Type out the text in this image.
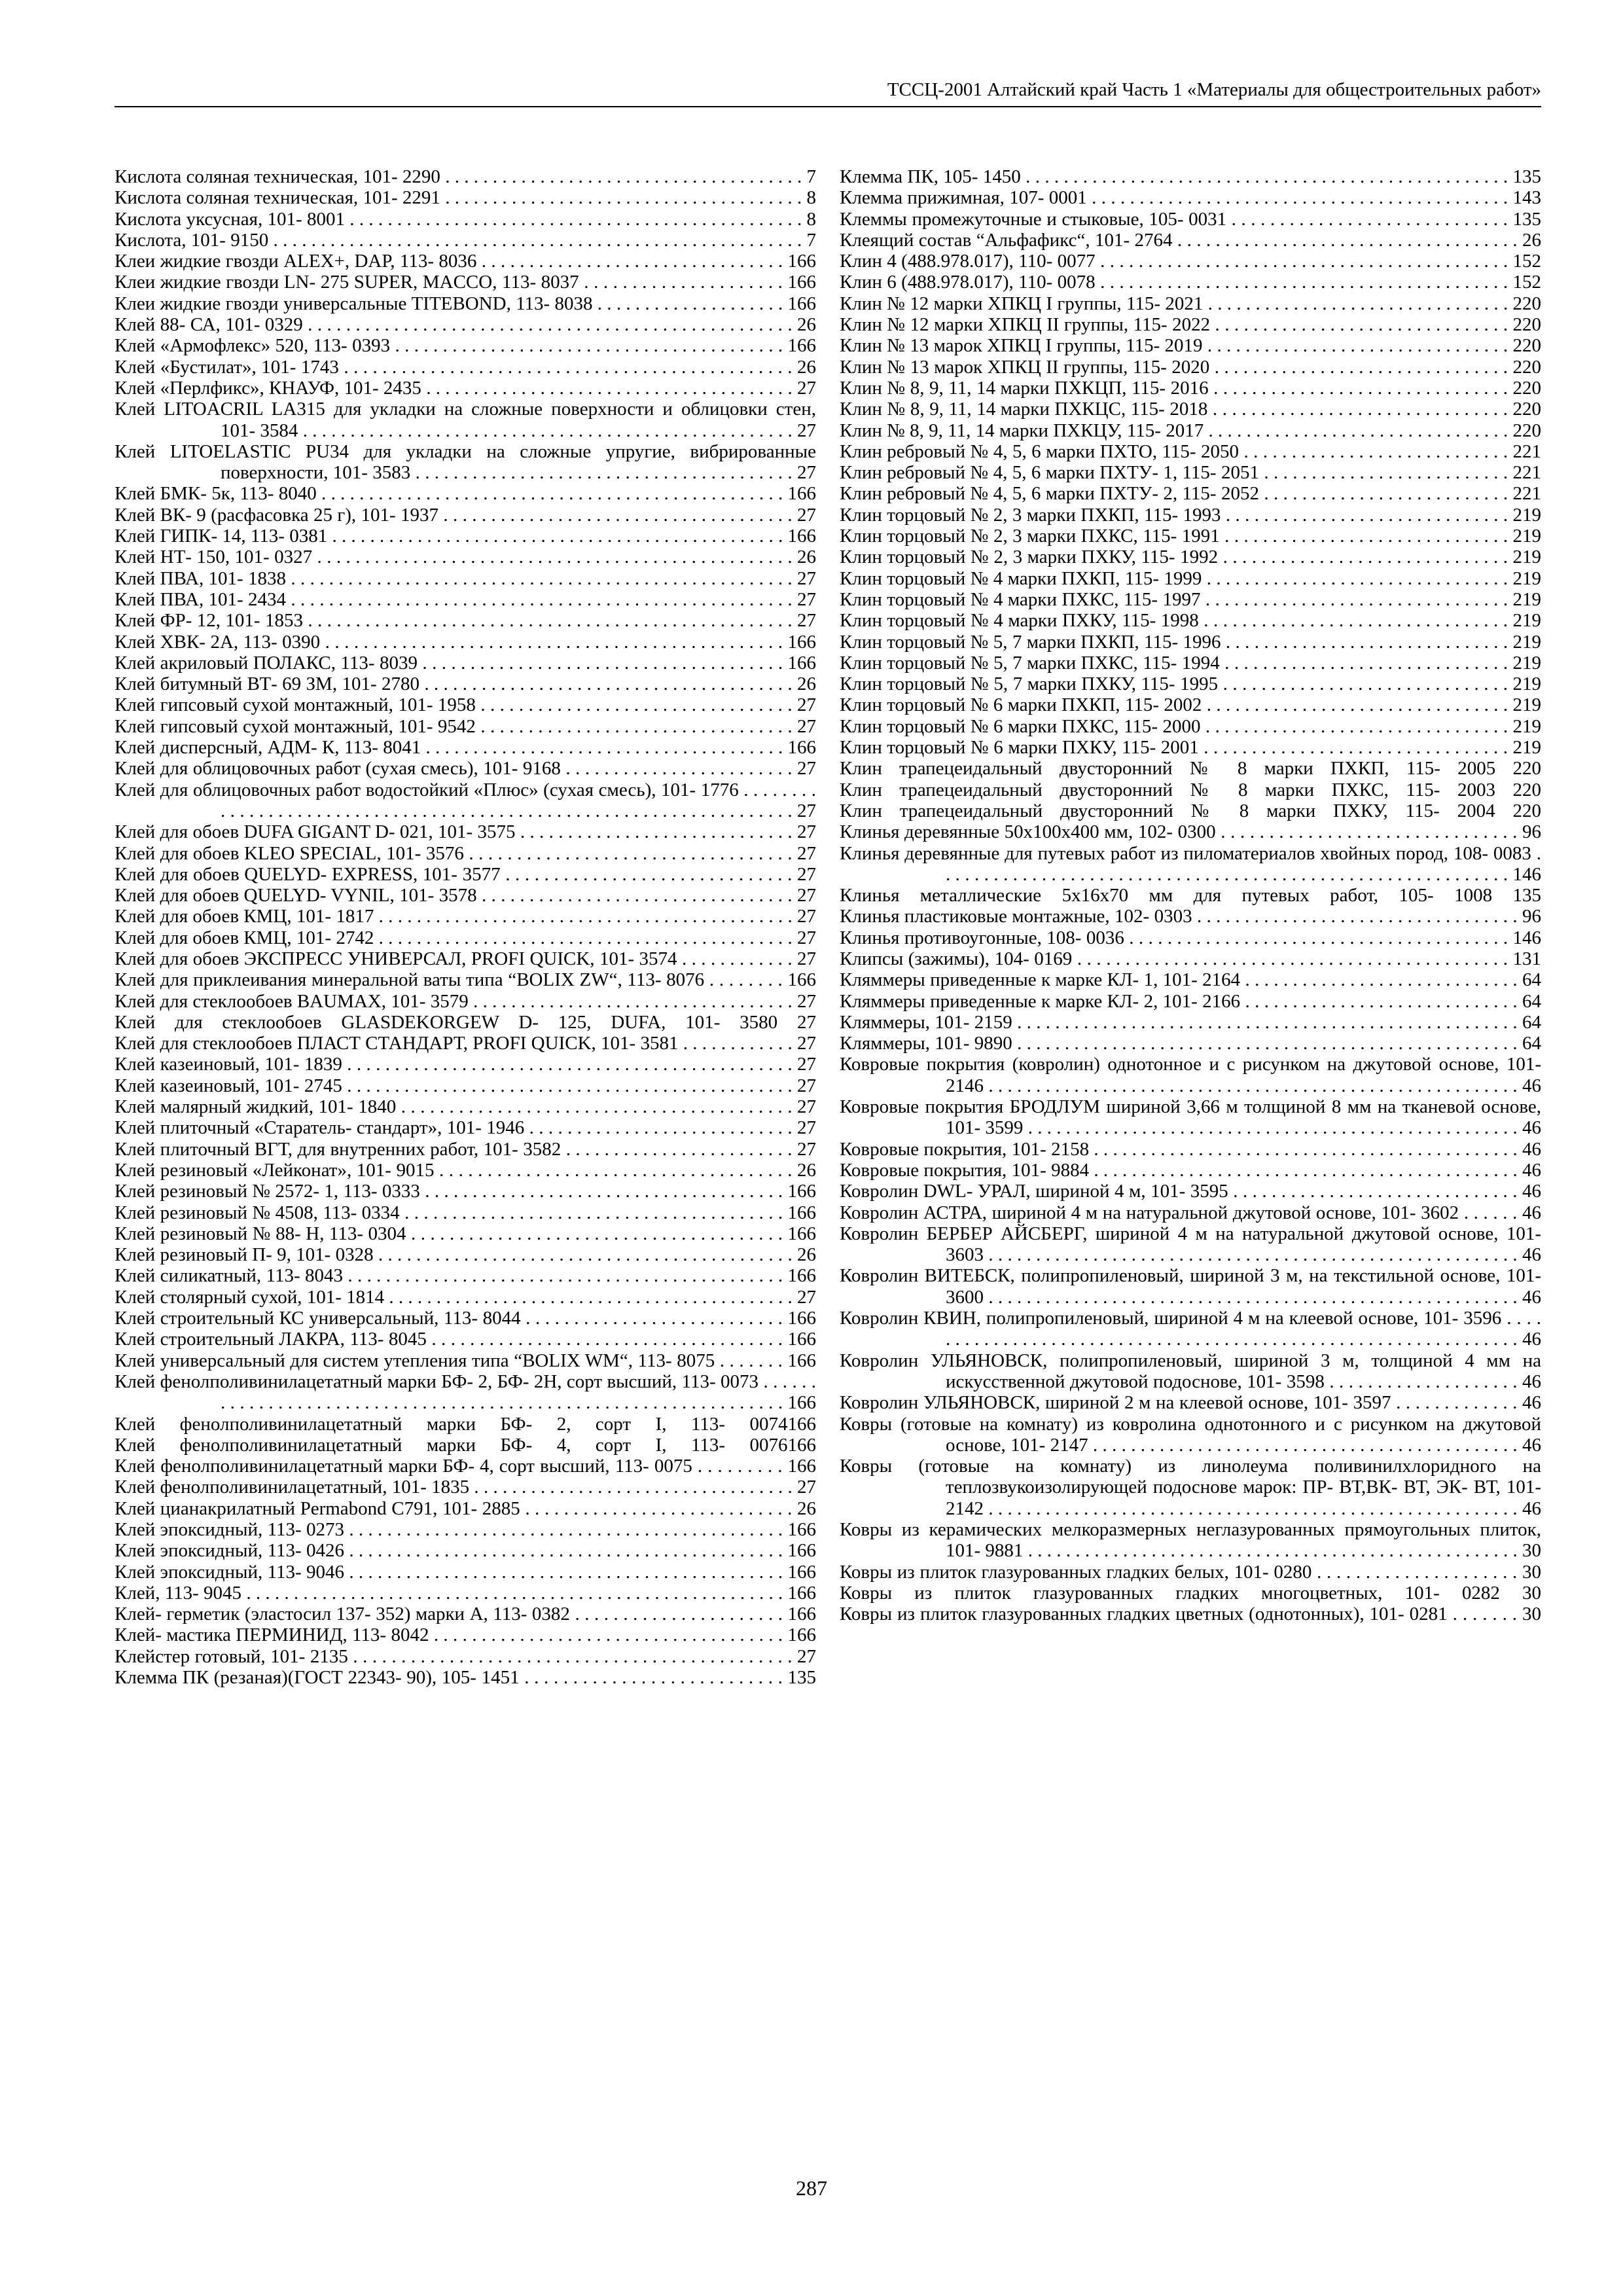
ТССЦ-2001 Алтайский край Часть 1 «Материалы для общестроительных работ»
Кислота соляная техническая, 101- 2290 . . . . . . . . . . . . . . . . . . . . . . . . . . . . . . . . . . . . . . 7
Кислота соляная техническая, 101- 2291 . . . . . . . . . . . . . . . . . . . . . . . . . . . . . . . . . . . . . . 8
Кислота уксусная, 101- 8001 . . . . . . . . . . . . . . . . . . . . . . . . . . . . . . . . . . . . . . . . . . . . . . . . 8
Кислота, 101- 9150 . . . . . . . . . . . . . . . . . . . . . . . . . . . . . . . . . . . . . . . . . . . . . . . . . . . . . . . . 7
Клеи жидкие гвозди ALEX+, DAP, 113- 8036 . . . . . . . . . . . . . . . . . . . . . . . . . . . . . . . . 166
Клеи жидкие гвозди LN- 275 SUPER, MACCO, 113- 8037 . . . . . . . . . . . . . . . . . . . . . 166
Клеи жидкие гвозди универсальные TITEBOND, 113- 8038 . . . . . . . . . . . . . . . . . . . . 166
Клей 88- СА, 101- 0329 . . . . . . . . . . . . . . . . . . . . . . . . . . . . . . . . . . . . . . . . . . . . . . . . . . . 26
Клей «Армофлекс» 520, 113- 0393 . . . . . . . . . . . . . . . . . . . . . . . . . . . . . . . . . . . . . . . . . 166
Клей «Бустилат», 101- 1743 . . . . . . . . . . . . . . . . . . . . . . . . . . . . . . . . . . . . . . . . . . . . . . . 26
Клей «Перлфикс», КНАУФ, 101- 2435 . . . . . . . . . . . . . . . . . . . . . . . . . . . . . . . . . . . . . . . 27
Клей LITOACRIL LA315 для укладки на сложные поверхности и облицовки стен, 101- 3584 . . . . . . . . . . . . . . . . . . . . . . . . . . . . . . . . . . . . . . . . . . . . . . . . . . . . 27
Клей LITOELASTIC PU34 для укладки на сложные упругие, вибрированные поверхности, 101- 3583 . . . . . . . . . . . . . . . . . . . . . . . . . . . . . . . . . . . . . . . . 27
Клей БМК- 5к, 113- 8040 . . . . . . . . . . . . . . . . . . . . . . . . . . . . . . . . . . . . . . . . . . . . . . . . . 166
Клей ВК- 9 (расфасовка 25 г), 101- 1937 . . . . . . . . . . . . . . . . . . . . . . . . . . . . . . . . . . . . . 27
Клей ГИПК- 14, 113- 0381 . . . . . . . . . . . . . . . . . . . . . . . . . . . . . . . . . . . . . . . . . . . . . . . . 166
Клей НТ- 150, 101- 0327 . . . . . . . . . . . . . . . . . . . . . . . . . . . . . . . . . . . . . . . . . . . . . . . . . . 26
Клей ПВА, 101- 1838 . . . . . . . . . . . . . . . . . . . . . . . . . . . . . . . . . . . . . . . . . . . . . . . . . . . . . 27
Клей ПВА, 101- 2434 . . . . . . . . . . . . . . . . . . . . . . . . . . . . . . . . . . . . . . . . . . . . . . . . . . . . . 27
Клей ФР- 12, 101- 1853 . . . . . . . . . . . . . . . . . . . . . . . . . . . . . . . . . . . . . . . . . . . . . . . . . . . 27
Клей ХВК- 2А, 113- 0390 . . . . . . . . . . . . . . . . . . . . . . . . . . . . . . . . . . . . . . . . . . . . . . . . 166
Клей акриловый ПОЛАКС, 113- 8039 . . . . . . . . . . . . . . . . . . . . . . . . . . . . . . . . . . . . . . 166
Клей битумный ВТ- 69 ЗМ, 101- 2780 . . . . . . . . . . . . . . . . . . . . . . . . . . . . . . . . . . . . . . . 26
Клей гипсовый сухой монтажный, 101- 1958 . . . . . . . . . . . . . . . . . . . . . . . . . . . . . . . . . 27
Клей гипсовый сухой монтажный, 101- 9542 . . . . . . . . . . . . . . . . . . . . . . . . . . . . . . . . . 27
Клей дисперсный, АДМ- К, 113- 8041 . . . . . . . . . . . . . . . . . . . . . . . . . . . . . . . . . . . . . . 166
Клей для облицовочных работ (сухая смесь), 101- 9168 . . . . . . . . . . . . . . . . . . . . . . . . 27
Клей для облицовочных работ водостойкий «Плюс» (сухая смесь), 101- 1776 . . . . . . . . . . . . . . . . . . . . . . . . . . . . . . . . . . . . . . . . . . . . . . . . . . . . . . . . . . . . . . . . . . . . 27
Клей для обоев DUFA GIGANT D- 021, 101- 3575 . . . . . . . . . . . . . . . . . . . . . . . . . . . . . 27
Клей для обоев KLEO SPECIAL, 101- 3576 . . . . . . . . . . . . . . . . . . . . . . . . . . . . . . . . . . 27
Клей для обоев QUELYD- EXPRESS, 101- 3577 . . . . . . . . . . . . . . . . . . . . . . . . . . . . . . 27
Клей для обоев QUELYD- VYNIL, 101- 3578 . . . . . . . . . . . . . . . . . . . . . . . . . . . . . . . . . 27
Клей для обоев КМЦ, 101- 1817 . . . . . . . . . . . . . . . . . . . . . . . . . . . . . . . . . . . . . . . . . . . . 27
Клей для обоев КМЦ, 101- 2742 . . . . . . . . . . . . . . . . . . . . . . . . . . . . . . . . . . . . . . . . . . . . 27
Клей для обоев ЭКСПРЕСС УНИВЕРСАЛ, PROFI QUICK, 101- 3574 . . . . . . . . . . . . 27
Клей для приклеивания минеральной ваты типа “BOLIX ZW“, 113- 8076 . . . . . . . . 166
Клей для стеклообоев BAUMAX, 101- 3579 . . . . . . . . . . . . . . . . . . . . . . . . . . . . . . . . . . 27
Клей для стеклообоев GLASDEKORGEW D- 125, DUFA, 101- 3580 27
Клей для стеклообоев ПЛАСТ СТАНДАРТ, PROFI QUICK, 101- 3581 . . . . . . . . . . . . 27
Клей казеиновый, 101- 1839 . . . . . . . . . . . . . . . . . . . . . . . . . . . . . . . . . . . . . . . . . . . . . . . 27
Клей казеиновый, 101- 2745 . . . . . . . . . . . . . . . . . . . . . . . . . . . . . . . . . . . . . . . . . . . . . . . 27
Клей малярный жидкий, 101- 1840 . . . . . . . . . . . . . . . . . . . . . . . . . . . . . . . . . . . . . . . . . 27
Клей плиточный «Старатель- стандарт», 101- 1946 . . . . . . . . . . . . . . . . . . . . . . . . . . . . 27
Клей плиточный ВГТ, для внутренних работ, 101- 3582 . . . . . . . . . . . . . . . . . . . . . . . . 27
Клей резиновый «Лейконат», 101- 9015 . . . . . . . . . . . . . . . . . . . . . . . . . . . . . . . . . . . . . 26
Клей резиновый № 2572- 1, 113- 0333 . . . . . . . . . . . . . . . . . . . . . . . . . . . . . . . . . . . . . . 166
Клей резиновый № 4508, 113- 0334 . . . . . . . . . . . . . . . . . . . . . . . . . . . . . . . . . . . . . . . . 166
Клей резиновый № 88- Н, 113- 0304 . . . . . . . . . . . . . . . . . . . . . . . . . . . . . . . . . . . . . . . 166
Клей резиновый П- 9, 101- 0328 . . . . . . . . . . . . . . . . . . . . . . . . . . . . . . . . . . . . . . . . . . . . 26
Клей силикатный, 113- 8043 . . . . . . . . . . . . . . . . . . . . . . . . . . . . . . . . . . . . . . . . . . . . . . 166
Клей столярный сухой, 101- 1814 . . . . . . . . . . . . . . . . . . . . . . . . . . . . . . . . . . . . . . . . . . . 27
Клей строительный КС универсальный, 113- 8044 . . . . . . . . . . . . . . . . . . . . . . . . . . . 166
Клей строительный ЛАКРА, 113- 8045 . . . . . . . . . . . . . . . . . . . . . . . . . . . . . . . . . . . . . 166
Клей универсальный для систем утепления типа “BOLIX WM“, 113- 8075 . . . . . . . 166
Клей фенолполивинилацетатный марки БФ- 2, БФ- 2Н, сорт высший, 113- 0073 . . . . . . . . . . . . . . . . . . . . . . . . . . . . . . . . . . . . . . . . . . . . . . . . . . . . . . . . . . . . . . . . . 166
Клей фенолполивинилацетатный марки БФ- 2, сорт I, 113- 0074166
Клей фенолполивинилацетатный марки БФ- 4, сорт I, 113- 0076166
Клей фенолполивинилацетатный марки БФ- 4, сорт высший, 113- 0075 . . . . . . . . . 166
Клей фенолполивинилацетатный, 101- 1835 . . . . . . . . . . . . . . . . . . . . . . . . . . . . . . . . . . 27
Клей цианакрилатный Permabond C791, 101- 2885 . . . . . . . . . . . . . . . . . . . . . . . . . . . . 26
Клей эпоксидный, 113- 0273 . . . . . . . . . . . . . . . . . . . . . . . . . . . . . . . . . . . . . . . . . . . . . . 166
Клей эпоксидный, 113- 0426 . . . . . . . . . . . . . . . . . . . . . . . . . . . . . . . . . . . . . . . . . . . . . . 166
Клей эпоксидный, 113- 9046 . . . . . . . . . . . . . . . . . . . . . . . . . . . . . . . . . . . . . . . . . . . . . . 166
Клей, 113- 9045 . . . . . . . . . . . . . . . . . . . . . . . . . . . . . . . . . . . . . . . . . . . . . . . . . . . . . . . . . 166
Клей- герметик (эластосил 137- 352) марки А, 113- 0382 . . . . . . . . . . . . . . . . . . . . . . 166
Клей- мастика ПЕРМИНИД, 113- 8042 . . . . . . . . . . . . . . . . . . . . . . . . . . . . . . . . . . . . . 166
Клейстер готовый, 101- 2135 . . . . . . . . . . . . . . . . . . . . . . . . . . . . . . . . . . . . . . . . . . . . . . 27
Клемма ПК (резаная)(ГОСТ 22343- 90), 105- 1451 . . . . . . . . . . . . . . . . . . . . . . . . . . . 135
Клемма ПК, 105- 1450 . . . . . . . . . . . . . . . . . . . . . . . . . . . . . . . . . . . . . . . . . . . . . . . . . . . 135
Клемма прижимная, 107- 0001 . . . . . . . . . . . . . . . . . . . . . . . . . . . . . . . . . . . . . . . . . . . . 143
Клеммы промежуточные и стыковые, 105- 0031 . . . . . . . . . . . . . . . . . . . . . . . . . . . . . 135
Клеящий состав “Альфафикс“, 101- 2764 . . . . . . . . . . . . . . . . . . . . . . . . . . . . . . . . . . . . 26
Клин 4 (488.978.017), 110- 0077 . . . . . . . . . . . . . . . . . . . . . . . . . . . . . . . . . . . . . . . . . . . 152
Клин 6 (488.978.017), 110- 0078 . . . . . . . . . . . . . . . . . . . . . . . . . . . . . . . . . . . . . . . . . . . 152
Клин № 12 марки ХПКЦ I группы, 115- 2021 . . . . . . . . . . . . . . . . . . . . . . . . . . . . . . . . 220
Клин № 12 марки ХПКЦ II группы, 115- 2022 . . . . . . . . . . . . . . . . . . . . . . . . . . . . . . . 220
Клин № 13 марок ХПКЦ I группы, 115- 2019 . . . . . . . . . . . . . . . . . . . . . . . . . . . . . . . . 220
Клин № 13 марок ХПКЦ II группы, 115- 2020 . . . . . . . . . . . . . . . . . . . . . . . . . . . . . . . 220
Клин № 8, 9, 11, 14 марки ПХКЦП, 115- 2016 . . . . . . . . . . . . . . . . . . . . . . . . . . . . . . . 220
Клин № 8, 9, 11, 14 марки ПХКЦС, 115- 2018 . . . . . . . . . . . . . . . . . . . . . . . . . . . . . . . 220
Клин № 8, 9, 11, 14 марки ПХКЦУ, 115- 2017 . . . . . . . . . . . . . . . . . . . . . . . . . . . . . . . . 220
Клин ребровый № 4, 5, 6 марки ПХТО, 115- 2050 . . . . . . . . . . . . . . . . . . . . . . . . . . . . 221
Клин ребровый № 4, 5, 6 марки ПХТУ- 1, 115- 2051 . . . . . . . . . . . . . . . . . . . . . . . . . . 221
Клин ребровый № 4, 5, 6 марки ПХТУ- 2, 115- 2052 . . . . . . . . . . . . . . . . . . . . . . . . . . 221
Клин торцовый № 2, 3 марки ПХКП, 115- 1993 . . . . . . . . . . . . . . . . . . . . . . . . . . . . . . 219
Клин торцовый № 2, 3 марки ПХКС, 115- 1991 . . . . . . . . . . . . . . . . . . . . . . . . . . . . . . 219
Клин торцовый № 2, 3 марки ПХКУ, 115- 1992 . . . . . . . . . . . . . . . . . . . . . . . . . . . . . . 219
Клин торцовый № 4 марки ПХКП, 115- 1999 . . . . . . . . . . . . . . . . . . . . . . . . . . . . . . . . 219
Клин торцовый № 4 марки ПХКС, 115- 1997 . . . . . . . . . . . . . . . . . . . . . . . . . . . . . . . . 219
Клин торцовый № 4 марки ПХКУ, 115- 1998 . . . . . . . . . . . . . . . . . . . . . . . . . . . . . . . . 219
Клин торцовый № 5, 7 марки ПХКП, 115- 1996 . . . . . . . . . . . . . . . . . . . . . . . . . . . . . . 219
Клин торцовый № 5, 7 марки ПХКС, 115- 1994 . . . . . . . . . . . . . . . . . . . . . . . . . . . . . . 219
Клин торцовый № 5, 7 марки ПХКУ, 115- 1995 . . . . . . . . . . . . . . . . . . . . . . . . . . . . . . 219
Клин торцовый № 6 марки ПХКП, 115- 2002 . . . . . . . . . . . . . . . . . . . . . . . . . . . . . . . . 219
Клин торцовый № 6 марки ПХКС, 115- 2000 . . . . . . . . . . . . . . . . . . . . . . . . . . . . . . . . 219
Клин торцовый № 6 марки ПХКУ, 115- 2001 . . . . . . . . . . . . . . . . . . . . . . . . . . . . . . . . 219
Клин трапецеидальный двусторонний № 8 марки ПХКП, 115- 2005 220
Клин трапецеидальный двусторонний № 8 марки ПХКС, 115- 2003 220
Клин трапецеидальный двусторонний № 8 марки ПХКУ, 115- 2004 220
Клинья деревянные 50х100х400 мм, 102- 0300 . . . . . . . . . . . . . . . . . . . . . . . . . . . . . . . 96
Клинья деревянные для путевых работ из пиломатериалов хвойных пород, 108- 0083 . . . . . . . . . . . . . . . . . . . . . . . . . . . . . . . . . . . . . . . . . . . . . . . . . . . . . . . . . . . . 146
Клинья металлические 5х16х70 мм для путевых работ, 105- 1008 135
Клинья пластиковые монтажные, 102- 0303 . . . . . . . . . . . . . . . . . . . . . . . . . . . . . . . . . . 96
Клинья противоугонные, 108- 0036 . . . . . . . . . . . . . . . . . . . . . . . . . . . . . . . . . . . . . . . . 146
Клипсы (зажимы), 104- 0169 . . . . . . . . . . . . . . . . . . . . . . . . . . . . . . . . . . . . . . . . . . . . . 131
Кляммеры приведенные к марке КЛ- 1, 101- 2164 . . . . . . . . . . . . . . . . . . . . . . . . . . . . . 64
Кляммеры приведенные к марке КЛ- 2, 101- 2166 . . . . . . . . . . . . . . . . . . . . . . . . . . . . . 64
Кляммеры, 101- 2159 . . . . . . . . . . . . . . . . . . . . . . . . . . . . . . . . . . . . . . . . . . . . . . . . . . . . . 64
Кляммеры, 101- 9890 . . . . . . . . . . . . . . . . . . . . . . . . . . . . . . . . . . . . . . . . . . . . . . . . . . . . . 64
Ковровые покрытия (ковролин) однотонное и с рисунком на джутовой основе, 101- 2146 . . . . . . . . . . . . . . . . . . . . . . . . . . . . . . . . . . . . . . . . . . . . . . . . . . . . . . . . 46
Ковровые покрытия БРОДЛУМ шириной 3,66 м толщиной 8 мм на тканевой основе, 101- 3599 . . . . . . . . . . . . . . . . . . . . . . . . . . . . . . . . . . . . . . . . . . . . . . . . . . . . 46
Ковровые покрытия, 101- 2158 . . . . . . . . . . . . . . . . . . . . . . . . . . . . . . . . . . . . . . . . . . . . . 46
Ковровые покрытия, 101- 9884 . . . . . . . . . . . . . . . . . . . . . . . . . . . . . . . . . . . . . . . . . . . . . 46
Ковролин DWL- УРАЛ, шириной 4 м, 101- 3595 . . . . . . . . . . . . . . . . . . . . . . . . . . . . . . 46
Ковролин АСТРА, шириной 4 м на натуральной джутовой основе, 101- 3602 . . . . . . 46
Ковролин БЕРБЕР АЙСБЕРГ, шириной 4 м на натуральной джутовой основе, 101- 3603 . . . . . . . . . . . . . . . . . . . . . . . . . . . . . . . . . . . . . . . . . . . . . . . . . . . . . . . . 46
Ковролин ВИТЕБСК, полипропиленовый, шириной 3 м, на текстильной основе, 101- 3600 . . . . . . . . . . . . . . . . . . . . . . . . . . . . . . . . . . . . . . . . . . . . . . . . . . . . . . . . 46
Ковролин КВИН, полипропиленовый, шириной 4 м на клеевой основе, 101- 3596 . . . . . . . . . . . . . . . . . . . . . . . . . . . . . . . . . . . . . . . . . . . . . . . . . . . . . . . . . . . . . . . . 46
Ковролин УЛЬЯНОВСК, полипропиленовый, шириной 3 м, толщиной 4 мм на искусственной джутовой подоснове, 101- 3598 . . . . . . . . . . . . . . . . . . . . 46
Ковролин УЛЬЯНОВСК, шириной 2 м на клеевой основе, 101- 3597 . . . . . . . . . . . . . 46
Ковры (готовые на комнату) из ковролина однотонного и с рисунком на джутовой основе, 101- 2147 . . . . . . . . . . . . . . . . . . . . . . . . . . . . . . . . . . . . . . . . . . . . . 46
Ковры (готовые на комнату) из линолеума поливинилхлоридного на теплозвукоизолирующей подоснове марок: ПР- ВТ,ВК- ВТ, ЭК- ВТ, 101- 2142 . . . . . . . . . . . . . . . . . . . . . . . . . . . . . . . . . . . . . . . . . . . . . . . . . . . . . . . . 46
Ковры из керамических мелкоразмерных неглазурованных прямоугольных плиток, 101- 9881 . . . . . . . . . . . . . . . . . . . . . . . . . . . . . . . . . . . . . . . . . . . . . . . . . . . . 30
Ковры из плиток глазурованных гладких белых, 101- 0280 . . . . . . . . . . . . . . . . . . . . . 30
Ковры из плиток глазурованных гладких многоцветных, 101- 0282 30
Ковры из плиток глазурованных гладких цветных (однотонных), 101- 0281 . . . . . . . 30
287
